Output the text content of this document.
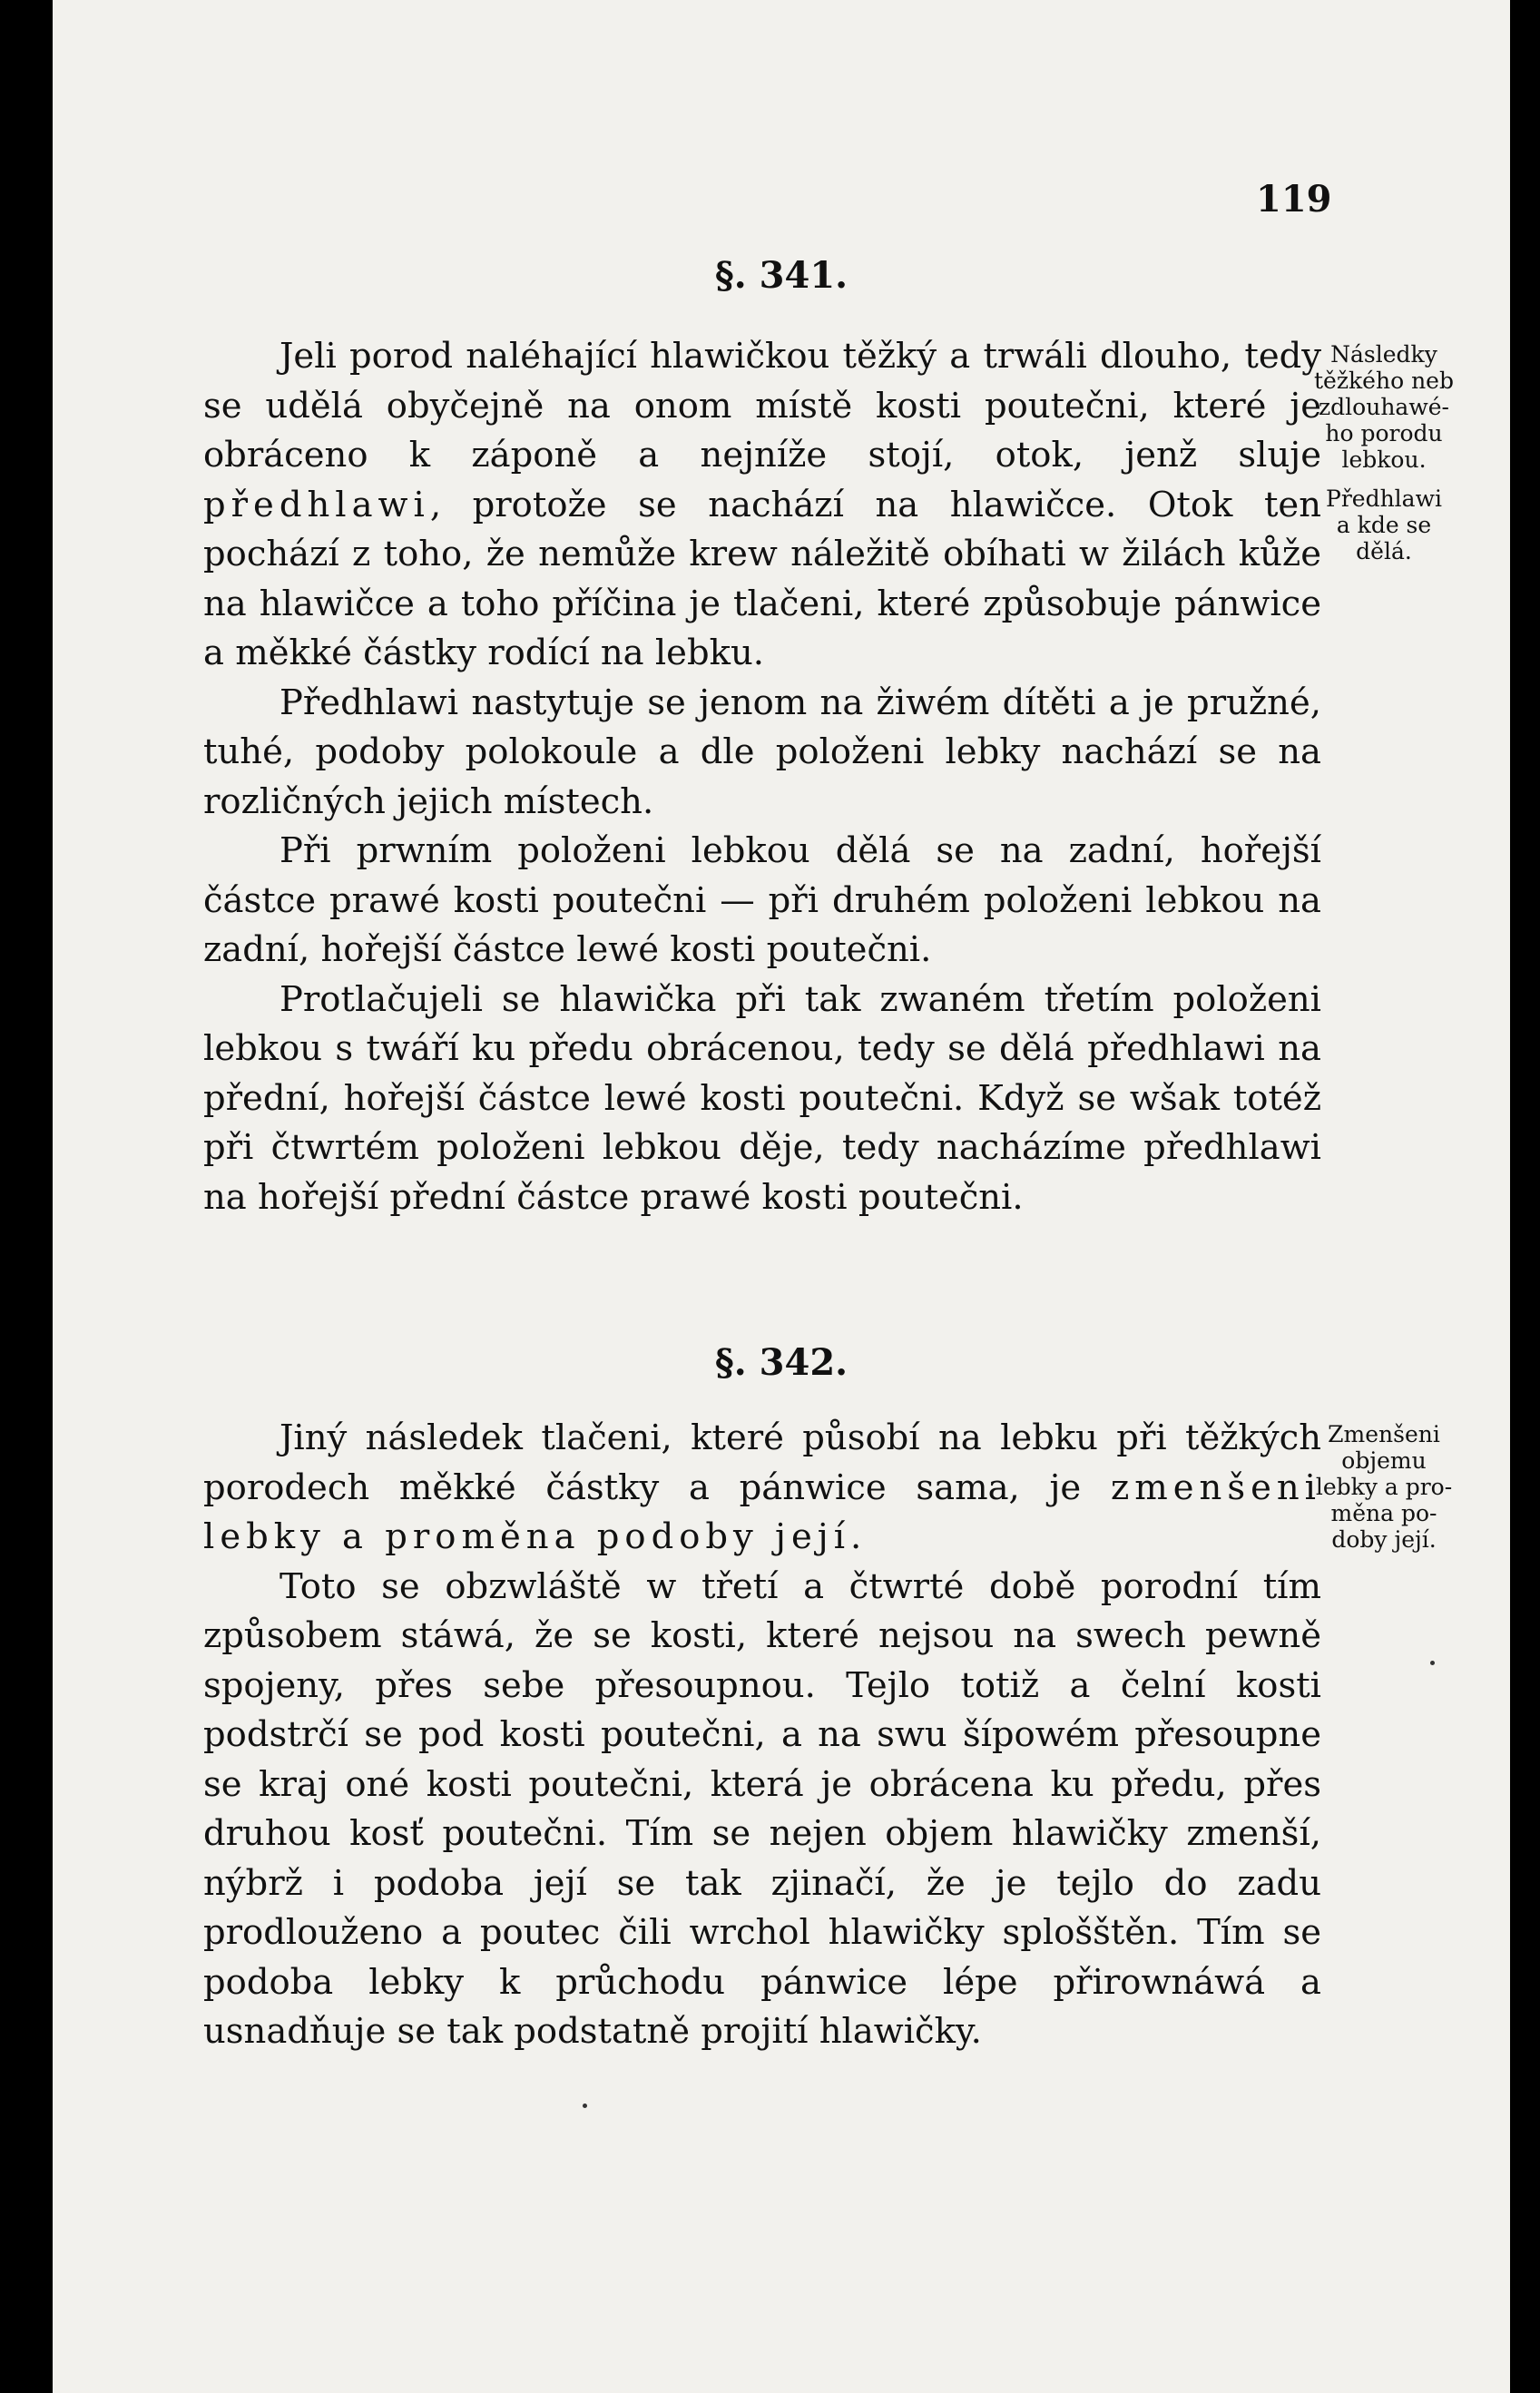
119
§. 341.

Jeli porod naléhající hlawičkou těžký a trwáli dlouho, tedy se udělá obyčejně na onom místě kosti poutečni, které je obráceno k záponě a nejníže stojí, otok, jenž sluje předhlawi, protože se nachází na hlawičce. Otok ten pochází z toho, že nemůže krew náležitě obíhati w žilách kůže na hlawičce a toho příčina je tlačeni, které způsobuje pánwice a měkké částky rodící na lebku.

Předhlawi nastytuje se jenom na žiwém dítěti a je pružné, tuhé, podoby polokoule a dle položeni lebky nachází se na rozličných jejich místech.

Při prwním položeni lebkou dělá se na zadní, hořejší částce prawé kosti poutečni — při druhém položeni lebkou na zadní, hořejší částce lewé kosti poutečni.

Protlačujeli se hlawička při tak zwaném třetím položeni lebkou s twáří ku předu obrácenou, tedy se dělá předhlawi na přední, hořejší částce lewé kosti poutečni. Když se wšak totéž při čtwrtém položeni lebkou děje, tedy nacházíme předhlawi na hořejší přední částce prawé kosti poutečni.

Následky
těžkého neb
zdlouhawé-
ho porodu
lebkou.
Předhlawi
a kde se
dělá.
§. 342.

Jiný následek tlačeni, které působí na lebku při těžkých porodech měkké částky a pánwice sama, je zmenšeni lebky a proměna podoby její.

Toto se obzwláště w třetí a čtwrté době porodní tím způsobem stáwá, že se kosti, které nejsou na swech pewně spojeny, přes sebe přesoupnou. Tejlo totiž a čelní kosti podstrčí se pod kosti poutečni, a na swu šípowém přesoupne se kraj oné kosti poutečni, která je obrácena ku předu, přes druhou kosť poutečni. Tím se nejen objem hlawičky zmenší, nýbrž i podoba její se tak zjinačí, že je tejlo do zadu prodlouženo a poutec čili wrchol hlawičky splošštěn. Tím se podoba lebky k průchodu pánwice lépe přirownáwá a usnadňuje se tak podstatně projití hlawičky.

Zmenšeni
objemu
lebky a pro-
měna po-
doby její.
